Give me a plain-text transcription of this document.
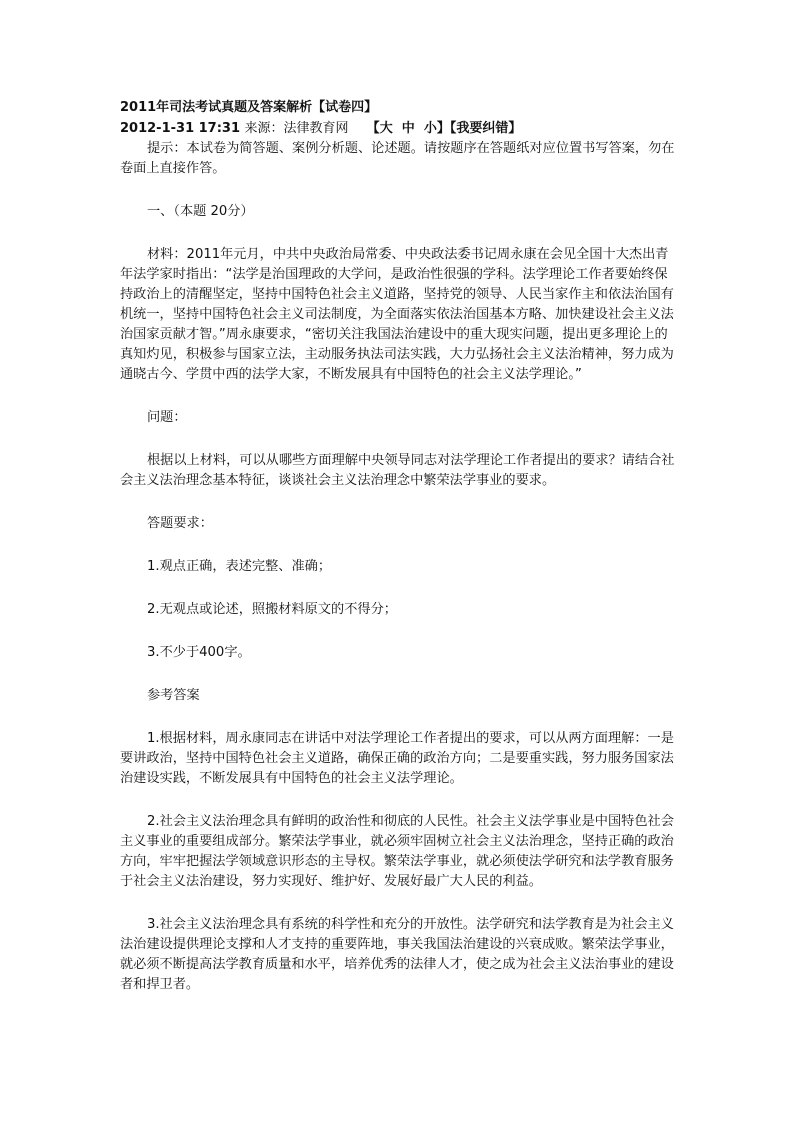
2011年司法考试真题及答案解析【试卷四】
2012-1-31 17:31 来源：法律教育网 【大 中 小】【我要纠错】

提示：本试卷为简答题、案例分析题、论述题。请按题序在答题纸对应位置书写答案，勿在卷面上直接作答。

一、（本题 20分）

材料：2011年元月，中共中央政治局常委、中央政法委书记周永康在会见全国十大杰出青年法学家时指出：“法学是治国理政的大学问，是政治性很强的学科。法学理论工作者要始终保持政治上的清醒坚定，坚持中国特色社会主义道路，坚持党的领导、人民当家作主和依法治国有机统一，坚持中国特色社会主义司法制度，为全面落实依法治国基本方略、加快建设社会主义法治国家贡献才智。”周永康要求，“密切关注我国法治建设中的重大现实问题，提出更多理论上的真知灼见，积极参与国家立法，主动服务执法司法实践，大力弘扬社会主义法治精神，努力成为通晓古今、学贯中西的法学大家，不断发展具有中国特色的社会主义法学理论。”

问题：

根据以上材料，可以从哪些方面理解中央领导同志对法学理论工作者提出的要求？请结合社会主义法治理念基本特征，谈谈社会主义法治理念中繁荣法学事业的要求。

答题要求：

1.观点正确，表述完整、准确；

2.无观点或论述，照搬材料原文的不得分；

3.不少于400字。

参考答案

1.根据材料，周永康同志在讲话中对法学理论工作者提出的要求，可以从两方面理解：一是要讲政治，坚持中国特色社会主义道路，确保正确的政治方向；二是要重实践，努力服务国家法治建设实践，不断发展具有中国特色的社会主义法学理论。

2.社会主义法治理念具有鲜明的政治性和彻底的人民性。社会主义法学事业是中国特色社会主义事业的重要组成部分。繁荣法学事业，就必须牢固树立社会主义法治理念，坚持正确的政治方向，牢牢把握法学领域意识形态的主导权。繁荣法学事业，就必须使法学研究和法学教育服务于社会主义法治建设，努力实现好、维护好、发展好最广大人民的利益。

3.社会主义法治理念具有系统的科学性和充分的开放性。法学研究和法学教育是为社会主义法治建设提供理论支撑和人才支持的重要阵地，事关我国法治建设的兴衰成败。繁荣法学事业，就必须不断提高法学教育质量和水平，培养优秀的法律人才，使之成为社会主义法治事业的建设者和捍卫者。
